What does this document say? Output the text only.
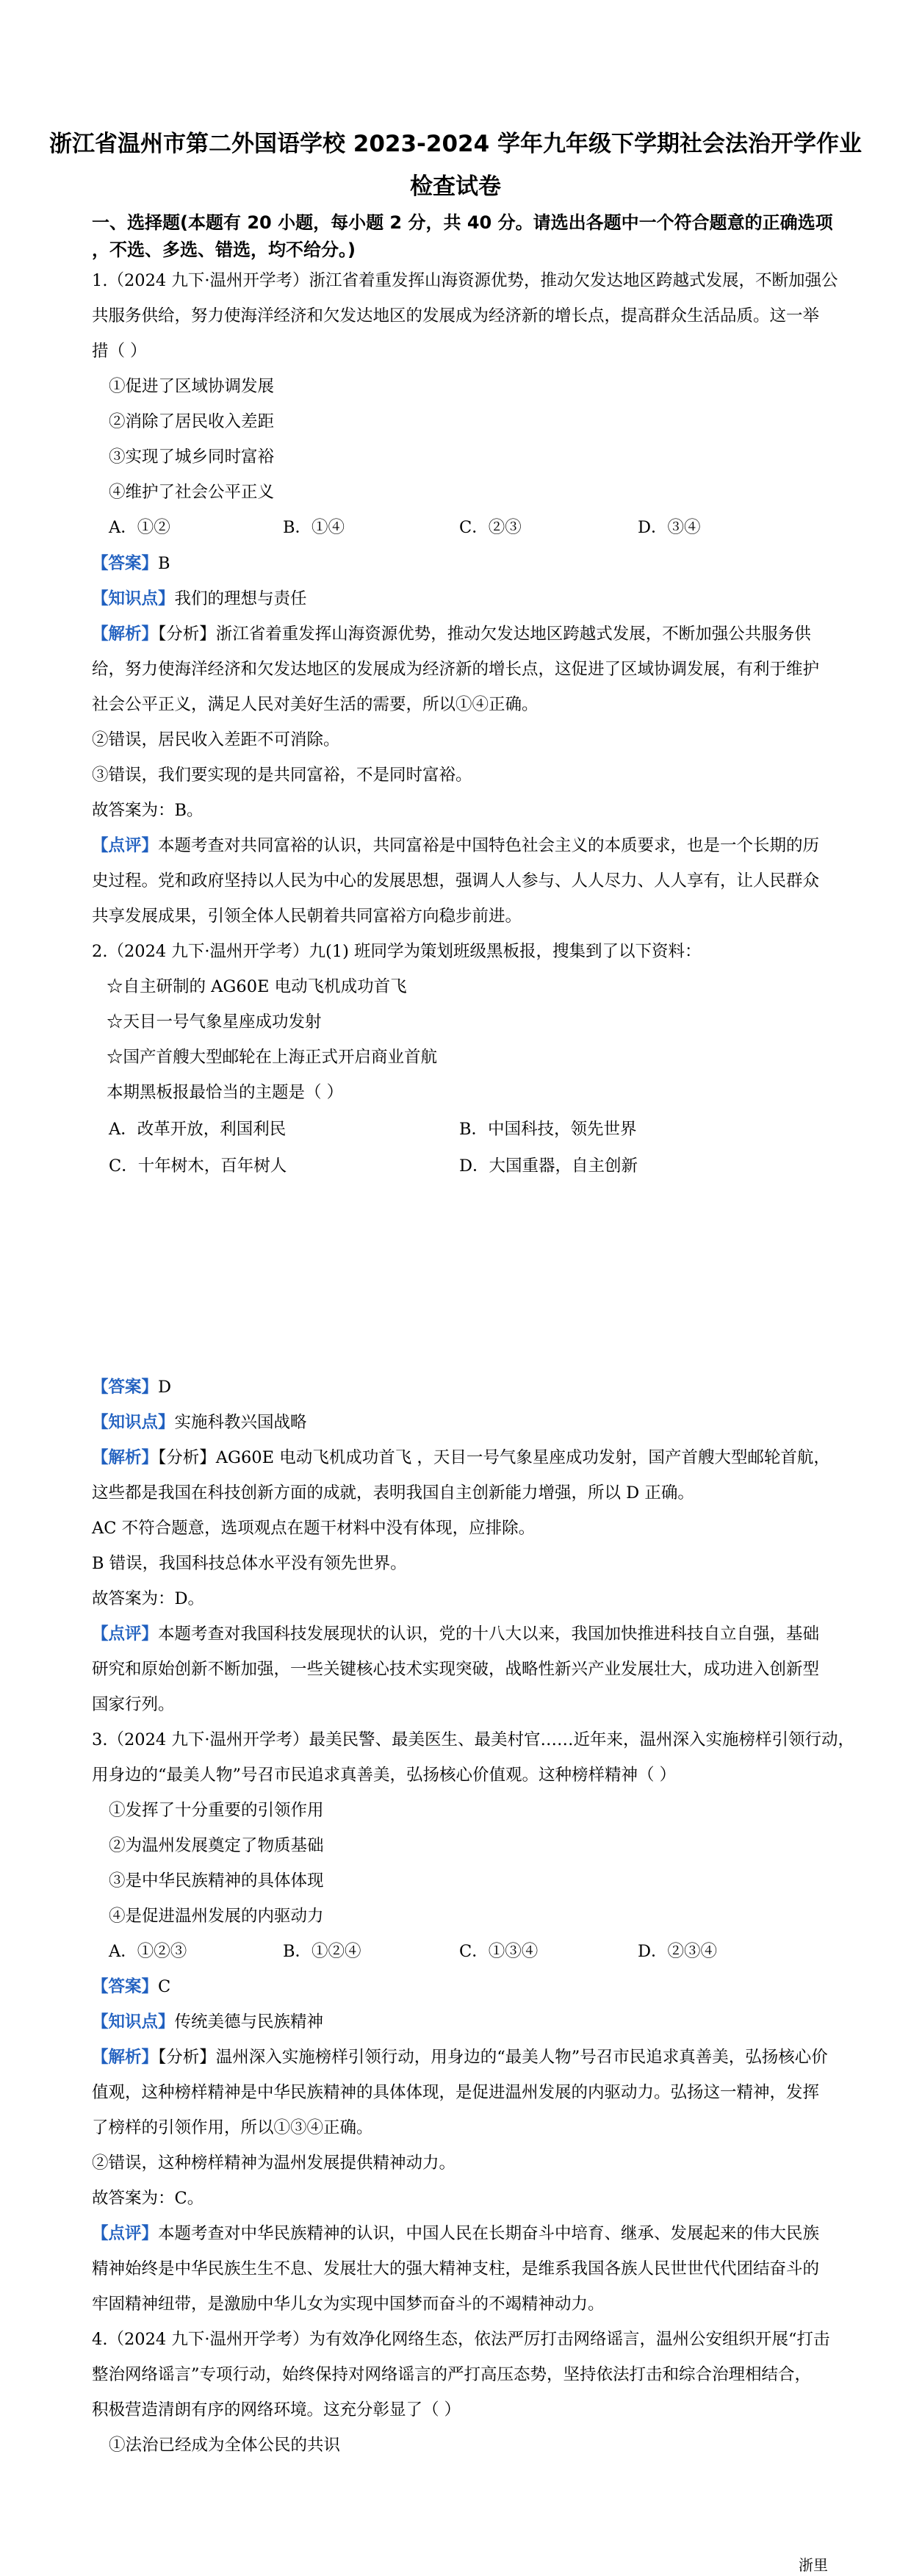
浙江省温州市第二外国语学校 2023-2024 学年九年级下学期社会法治开学作业
检查试卷
一、选择题(本题有 20 小题，每小题 2 分，共 40 分。请选出各题中一个符合题意的正确选项
，不选、多选、错选，均不给分。)
1.（2024 九下·温州开学考）浙江省着重发挥山海资源优势，推动欠发达地区跨越式发展，不断加强公
共服务供给，努力使海洋经济和欠发达地区的发展成为经济新的增长点，提高群众生活品质。这一举
措（ ）
①促进了区域协调发展
②消除了居民收入差距
③实现了城乡同时富裕
④维护了社会公平正义
A．①②	B．①④	C．②③	D．③④
【答案】B
【知识点】我们的理想与责任
【解析】【分析】浙江省着重发挥山海资源优势，推动欠发达地区跨越式发展，不断加强公共服务供
给，努力使海洋经济和欠发达地区的发展成为经济新的增长点，这促进了区域协调发展，有利于维护
社会公平正义，满足人民对美好生活的需要，所以①④正确。
②错误，居民收入差距不可消除。
③错误，我们要实现的是共同富裕，不是同时富裕。
故答案为：B。
【点评】本题考查对共同富裕的认识，共同富裕是中国特色社会主义的本质要求，也是一个长期的历
史过程。党和政府坚持以人民为中心的发展思想，强调人人参与、人人尽力、人人享有，让人民群众
共享发展成果，引领全体人民朝着共同富裕方向稳步前进。
2.（2024 九下·温州开学考）九(1) 班同学为策划班级黑板报，搜集到了以下资料：
☆自主研制的 AG60E 电动飞机成功首飞
☆天目一号气象星座成功发射
☆国产首艘大型邮轮在上海正式开启商业首航
本期黑板报最恰当的主题是（ ）
A．改革开放，利国利民	B．中国科技，领先世界
C．十年树木，百年树人	D．大国重器，自主创新
【答案】D
【知识点】实施科教兴国战略
【解析】【分析】AG60E 电动飞机成功首飞 ，天目一号气象星座成功发射，国产首艘大型邮轮首航，
这些都是我国在科技创新方面的成就，表明我国自主创新能力增强，所以 D 正确。
AC 不符合题意，选项观点在题干材料中没有体现，应排除。
B 错误，我国科技总体水平没有领先世界。
故答案为：D。
【点评】本题考查对我国科技发展现状的认识，党的十八大以来，我国加快推进科技自立自强，基础
研究和原始创新不断加强，一些关键核心技术实现突破，战略性新兴产业发展壮大，成功进入创新型
国家行列。
3.（2024 九下·温州开学考）最美民警、最美医生、最美村官……近年来，温州深入实施榜样引领行动，
用身边的“最美人物”号召市民追求真善美，弘扬核心价值观。这种榜样精神（ ）
①发挥了十分重要的引领作用
②为温州发展奠定了物质基础
③是中华民族精神的具体体现
④是促进温州发展的内驱动力
A．①②③	B．①②④	C．①③④	D．②③④
【答案】C
【知识点】传统美德与民族精神
【解析】【分析】温州深入实施榜样引领行动，用身边的“最美人物”号召市民追求真善美，弘扬核心价
值观，这种榜样精神是中华民族精神的具体体现，是促进温州发展的内驱动力。弘扬这一精神，发挥
了榜样的引领作用，所以①③④正确。
②错误，这种榜样精神为温州发展提供精神动力。
故答案为：C。
【点评】本题考查对中华民族精神的认识，中国人民在长期奋斗中培育、继承、发展起来的伟大民族
精神始终是中华民族生生不息、发展壮大的强大精神支柱，是维系我国各族人民世世代代团结奋斗的
牢固精神纽带，是激励中华儿女为实现中国梦而奋斗的不竭精神动力。
4.（2024 九下·温州开学考）为有效净化网络生态，依法严厉打击网络谣言，温州公安组织开展“打击
整治网络谣言”专项行动，始终保持对网络谣言的严打高压态势，坚持依法打击和综合治理相结合，
积极营造清朗有序的网络环境。这充分彰显了（ ）
①法治已经成为全体公民的共识
浙里
